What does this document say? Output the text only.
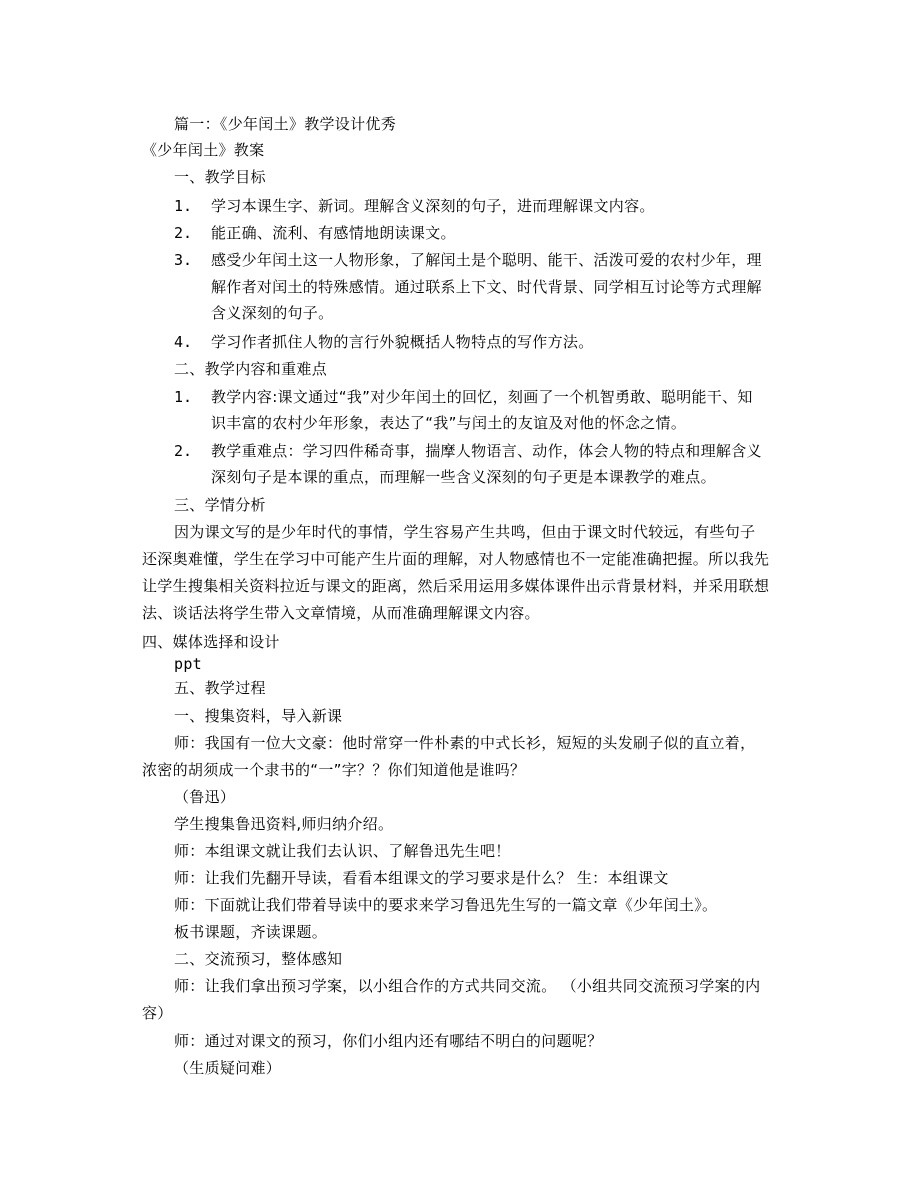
篇一：《少年闰土》教学设计优秀
《少年闰土》教案
一、教学目标
1. 学习本课生字、新词。理解含义深刻的句子，进而理解课文内容。
2. 能正确、流利、有感情地朗读课文。
3. 感受少年闰土这一人物形象，了解闰土是个聪明、能干、活泼可爱的农村少年，理
解作者对闰土的特殊感情。通过联系上下文、时代背景、同学相互讨论等方式理解
含义深刻的句子。
4. 学习作者抓住人物的言行外貌概括人物特点的写作方法。
二、教学内容和重难点
1. 教学内容:课文通过“我”对少年闰土的回忆，刻画了一个机智勇敢、聪明能干、知
识丰富的农村少年形象，表达了“我”与闰土的友谊及对他的怀念之情。
2. 教学重难点：学习四件稀奇事，揣摩人物语言、动作，体会人物的特点和理解含义
深刻句子是本课的重点，而理解一些含义深刻的句子更是本课教学的难点。
三、学情分析
因为课文写的是少年时代的事情，学生容易产生共鸣，但由于课文时代较远，有些句子
还深奥难懂，学生在学习中可能产生片面的理解，对人物感情也不一定能准确把握。所以我先
让学生搜集相关资料拉近与课文的距离，然后采用运用多媒体课件出示背景材料，并采用联想
法、谈话法将学生带入文章情境，从而准确理解课文内容。
四、媒体选择和设计
ppt
五、教学过程
一、搜集资料，导入新课
师：我国有一位大文豪：他时常穿一件朴素的中式长衫，短短的头发刷子似的直立着，
浓密的胡须成一个隶书的“一”字？？你们知道他是谁吗？
（鲁迅）
学生搜集鲁迅资料,师归纳介绍。
师：本组课文就让我们去认识、了解鲁迅先生吧！
师：让我们先翻开导读，看看本组课文的学习要求是什么？ 生：本组课文
师：下面就让我们带着导读中的要求来学习鲁迅先生写的一篇文章《少年闰土》。
板书课题，齐读课题。
二、交流预习，整体感知
师：让我们拿出预习学案，以小组合作的方式共同交流。 （小组共同交流预习学案的内
容）
师：通过对课文的预习，你们小组内还有哪结不明白的问题呢？
（生质疑问难）
